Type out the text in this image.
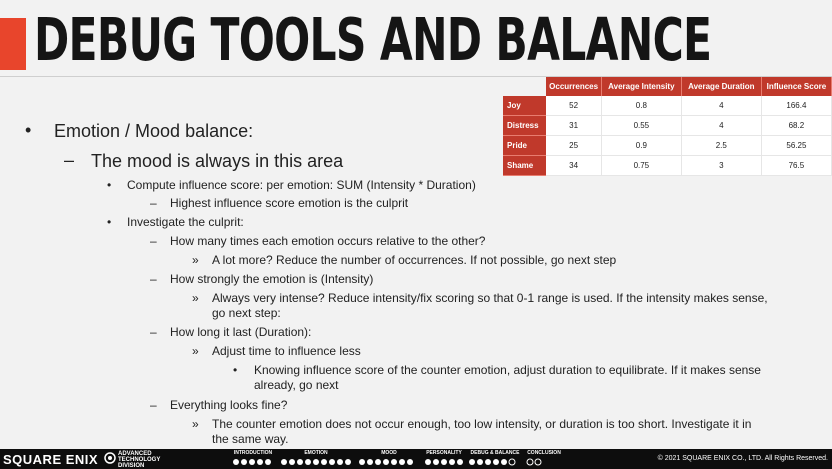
DEBUG TOOLS AND BALANCE
	Occurrences	Average Intensity	Average Duration	Influence Score
Joy	52	0.8	4	166.4
Distress	31	0.55	4	68.2
Pride	25	0.9	2.5	56.25
Shame	34	0.75	3	76.5
• Emotion / Mood balance:
– The mood is always in this area
• Compute influence score: per emotion: SUM (Intensity * Duration)
– Highest influence score emotion is the culprit
• Investigate the culprit:
– How many times each emotion occurs relative to the other?
» A lot more? Reduce the number of occurrences. If not possible, go next step
– How strongly the emotion is (Intensity)
» Always very intense? Reduce intensity/fix scoring so that 0-1 range is used. If the intensity makes sense,
go next step:
– How long it last (Duration):
» Adjust time to influence less
• Knowing influence score of the counter emotion, adjust duration to equilibrate. If it makes sense
already, go next
– Everything looks fine?
» The counter emotion does not occur enough, too low intensity, or duration is too short. Investigate it in
the same way.
SQUARE ENIX	ADVANCED
TECHNOLOGY
DIVISION
INTRODUCTION	EMOTION	MOOD	PERSONALITY	DEBUG & BALANCE	CONCLUSION
© 2021 SQUARE ENIX CO., LTD. All Rights Reserved.
